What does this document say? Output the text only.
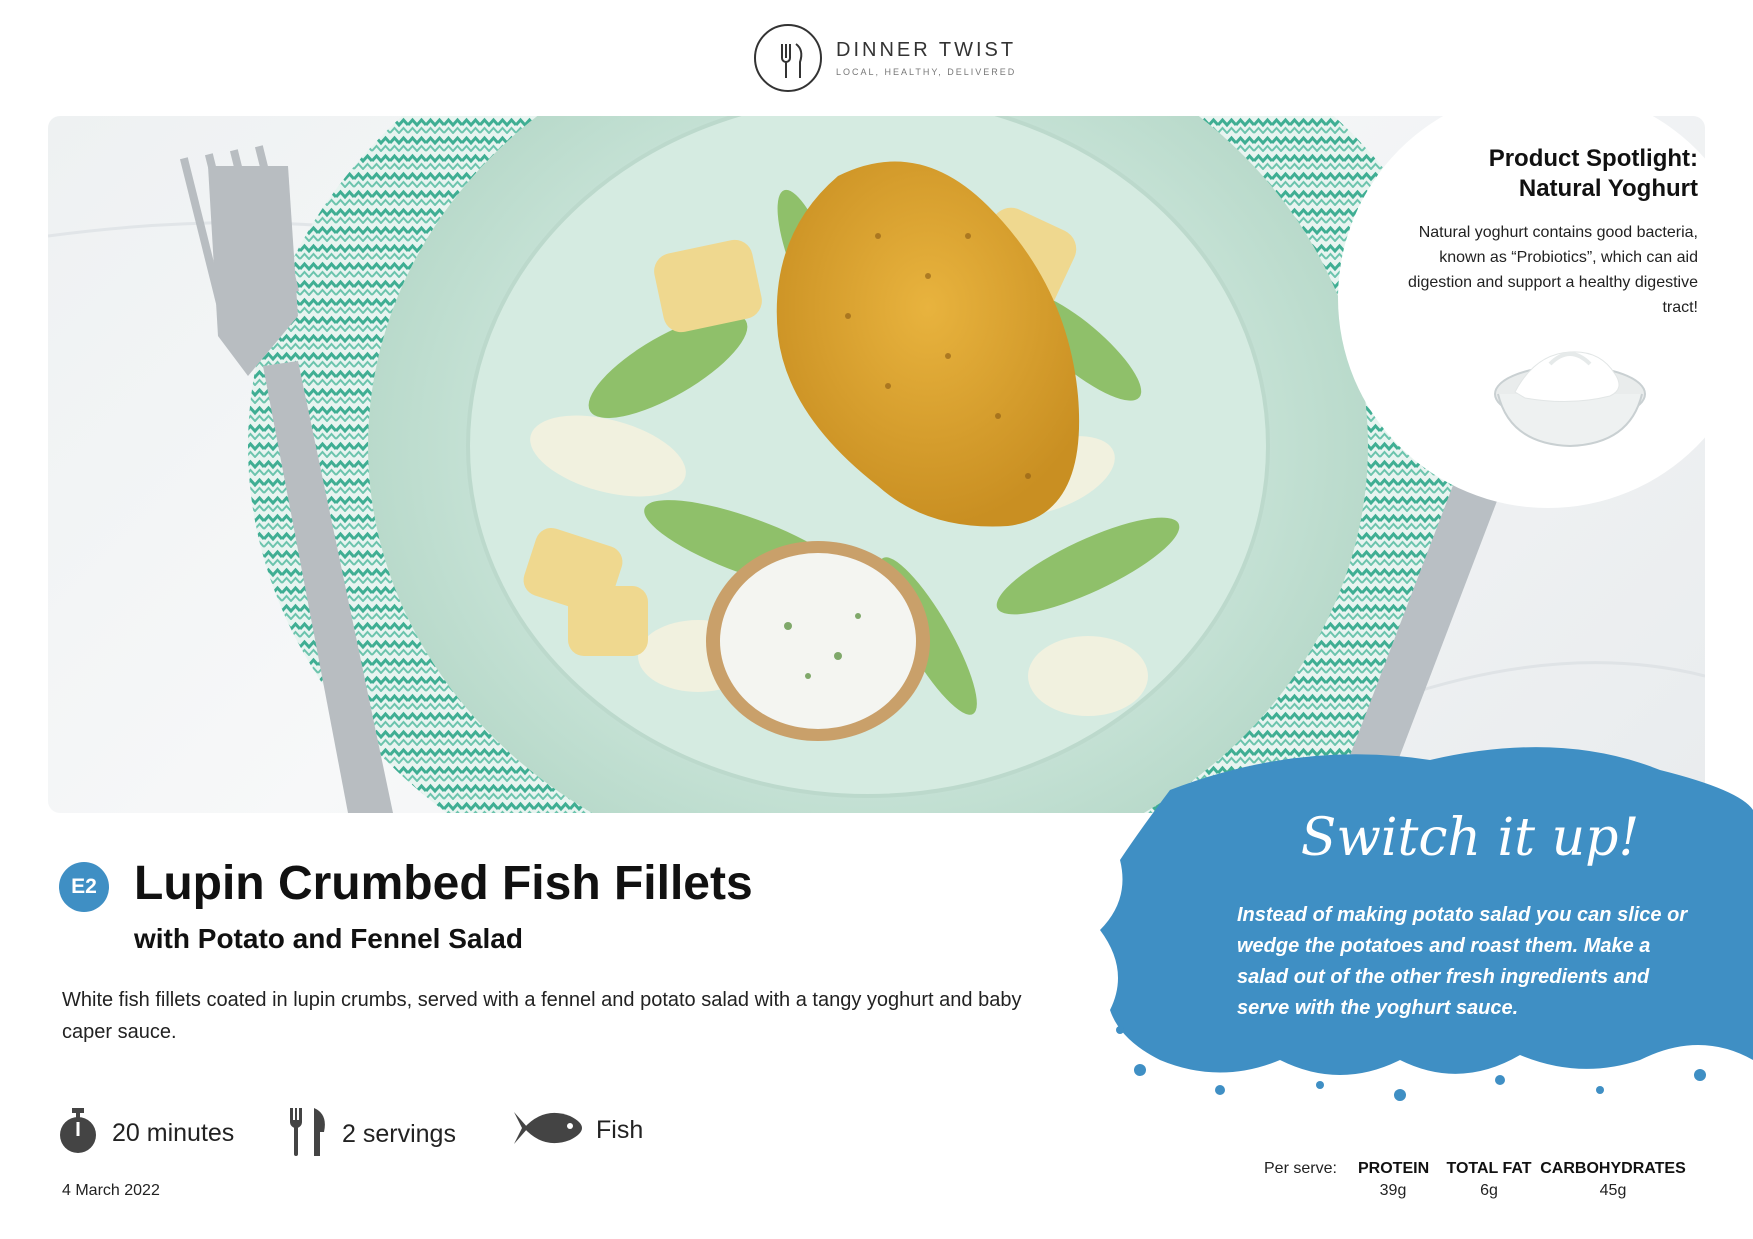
DINNER TWIST
LOCAL, HEALTHY, DELIVERED
Product Spotlight:
Natural Yoghurt
Natural yoghurt contains good bacteria, known as “Probiotics”, which can aid digestion and support a healthy digestive tract!
Switch it up!
Instead of making potato salad you can slice or wedge the potatoes and roast them. Make a salad out of the other fresh ingredients and serve with the yoghurt sauce.
E2 Lupin Crumbed Fish Fillets
with Potato and Fennel Salad
White fish fillets coated in lupin crumbs, served with a fennel and potato salad with a tangy yoghurt and baby caper sauce.
20 minutes	2 servings	Fish
4 March 2022
Per serve: PROTEIN
39g
TOTAL FAT
6g
CARBOHYDRATES
45g
